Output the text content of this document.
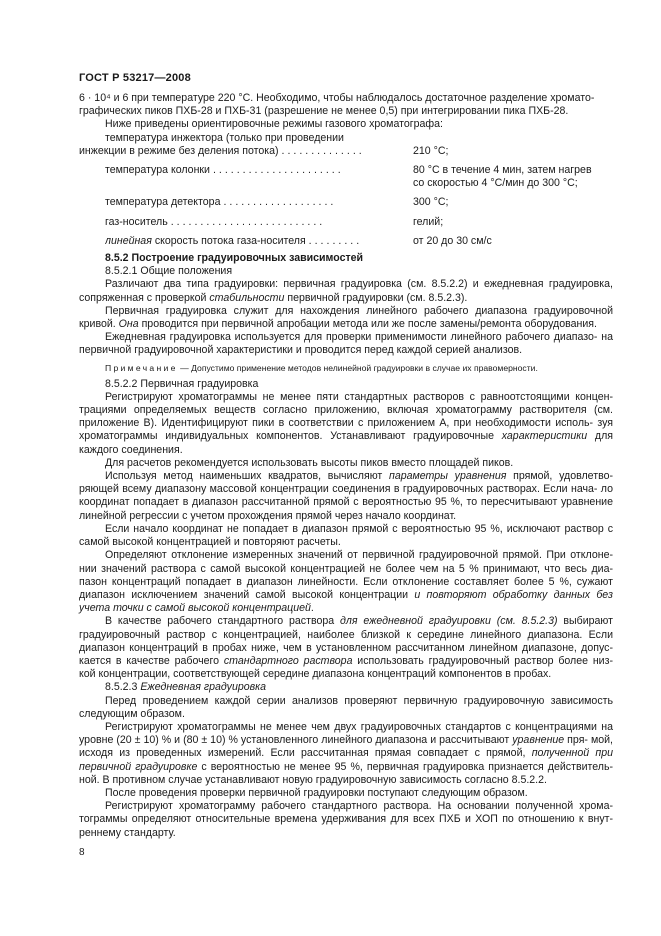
ГОСТ Р 53217—2008

6 · 10⁴ и 6 при температуре 220 °С. Необходимо, чтобы наблюдалось достаточное разделение хромато-
графических пиков ПХБ-28 и ПХБ-31 (разрешение не менее 0,5) при интегрировании пика ПХБ-28.

Ниже приведены ориентировочные режимы газового хроматографа:

температура инжектора (только при проведении
инжекции в режиме без деления потока) ..............	210 °С;
температура колонки ......................	80 °С в течение 4 мин, затем нагрев
со скоростью 4 °С/мин до 300 °С;
температура детектора ...................	300 °С;
газ-носитель ..........................	гелий;
линейная скорость потока газа-носителя .........	от 20 до 30 см/с

8.5.2 Построение градуировочных зависимостей

8.5.2.1 Общие положения

Различают два типа градуировки: первичная градуировка (см. 8.5.2.2) и ежедневная градуировка, сопряженная с проверкой стабильности первичной градуировки (см. 8.5.2.3).

Первичная градуировка служит для нахождения линейного рабочего диапазона градуировочной кривой. Она проводится при первичной апробации метода или же после замены/ремонта оборудования.

Ежедневная градуировка используется для проверки применимости линейного рабочего диапазо- на первичной градуировочной характеристики и проводится перед каждой серией анализов.

Примечание — Допустимо применение методов нелинейной градуировки в случае их правомерности.

8.5.2.2 Первичная градуировка

Регистрируют хроматограммы не менее пяти стандартных растворов с равноотстоящими концен- трациями определяемых веществ согласно приложению, включая хроматограмму растворителя (см. приложение В). Идентифицируют пики в соответствии с приложением А, при необходимости исполь- зуя хроматограммы индивидуальных компонентов. Устанавливают градуировочные характеристики для каждого соединения.

Для расчетов рекомендуется использовать высоты пиков вместо площадей пиков.

Используя метод наименьших квадратов, вычисляют параметры уравнения прямой, удовлетво- ряющей всему диапазону массовой концентрации соединения в градуировочных растворах. Если нача- ло координат попадает в диапазон рассчитанной прямой с вероятностью 95 %, то пересчитывают уравнение линейной регрессии с учетом прохождения прямой через начало координат.

Если начало координат не попадает в диапазон прямой с вероятностью 95 %, исключают раствор с самой высокой концентрацией и повторяют расчеты.

Определяют отклонение измеренных значений от первичной градуировочной прямой. При отклоне- нии значений раствора с самой высокой концентрацией не более чем на 5 % принимают, что весь диа- пазон концентраций попадает в диапазон линейности. Если отклонение составляет более 5 %, сужают диапазон исключением значений самой высокой концентрации и повторяют обработку данных без учета точки с самой высокой концентрацией.

В качестве рабочего стандартного раствора для ежедневной градуировки (см. 8.5.2.3) выбирают градуировочный раствор с концентрацией, наиболее близкой к середине линейного диапазона. Если диапазон концентраций в пробах ниже, чем в установленном рассчитанном линейном диапазоне, допус- кается в качестве рабочего стандартного раствора использовать градуировочный раствор более низ- кой концентрации, соответствующей середине диапазона концентраций компонентов в пробах.

8.5.2.3 Ежедневная градуировка

Перед проведением каждой серии анализов проверяют первичную градуировочную зависимость следующим образом.

Регистрируют хроматограммы не менее чем двух градуировочных стандартов с концентрациями на уровне (20 ± 10) % и (80 ± 10) % установленного линейного диапазона и рассчитывают уравнение пря- мой, исходя из проведенных измерений. Если рассчитанная прямая совпадает с прямой, полученной при первичной градуировке с вероятностью не менее 95 %, первичная градуировка признается действитель- ной. В противном случае устанавливают новую градуировочную зависимость согласно 8.5.2.2.

После проведения проверки первичной градуировки поступают следующим образом.

Регистрируют хроматограмму рабочего стандартного раствора. На основании полученной хрома- тограммы определяют относительные времена удерживания для всех ПХБ и ХОП по отношению к внут- реннему стандарту.

8
